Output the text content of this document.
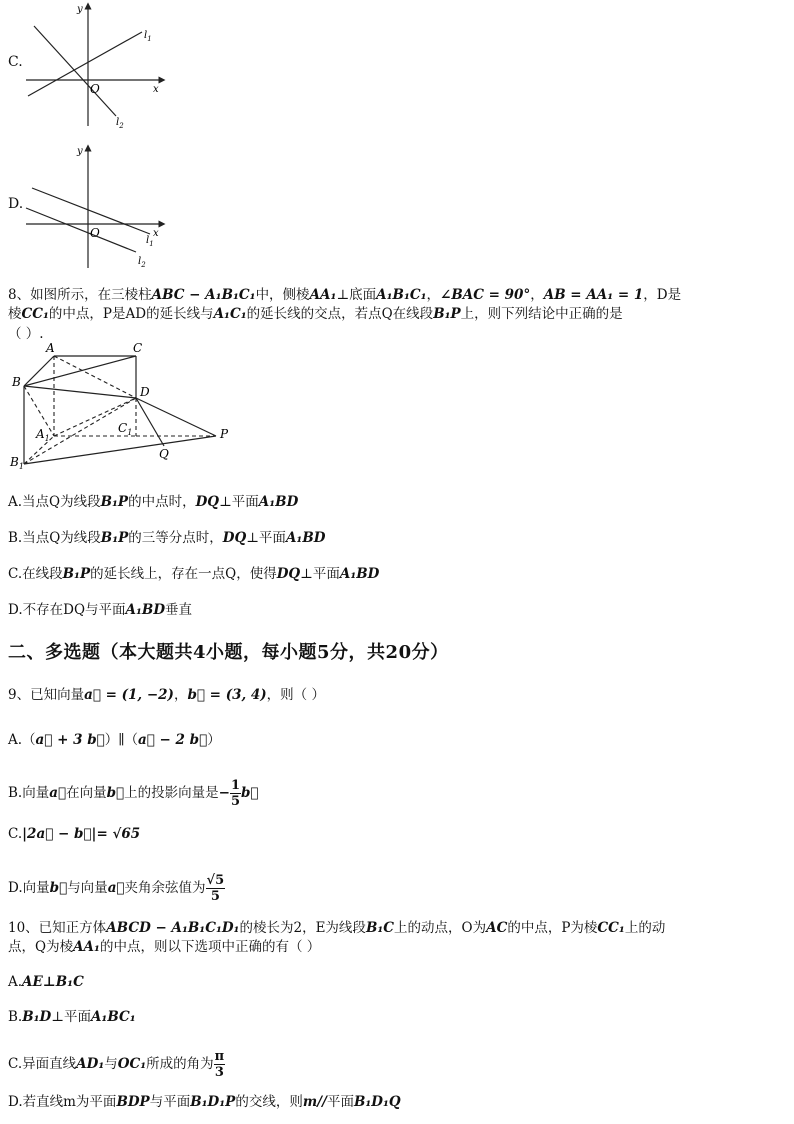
C.
y
x
O
$l_1$
$l_2$
D.
y
x
O
$l_1$
$l_2$
8、如图所示，在三棱柱ABC − A₁B₁C₁中，侧棱AA₁⊥底面A₁B₁C₁，∠BAC = 90°，AB = AA₁ = 1，D是
棱CC₁的中点，P是AD的延长线与A₁C₁的延长线的交点，若点Q在线段B₁P上，则下列结论中正确的是
（ ）.
A	C
B
D
$A_1$
$C_1$	P
$B_1$
Q
A.当点Q为线段B₁P的中点时，DQ⊥平面A₁BD
B.当点Q为线段B₁P的三等分点时，DQ⊥平面A₁BD
C.在线段B₁P的延长线上，存在一点Q，使得DQ⊥平面A₁BD
D.不存在DQ与平面A₁BD垂直
二、多选题（本大题共4小题，每小题5分，共20分）
9、已知向量a⃗ = (1, −2)，b⃗ = (3, 4)，则（ ）
A.（a⃗ + 3 b⃗）∥（a⃗ − 2 b⃗）
B.向量a⃗在向量b⃗上的投影向量是− $\frac{1}{5}$ b⃗
C.|2a⃗ − b⃗|= √65
D.向量b⃗与向量a⃗夹角余弦值为 $\frac{√5}{5}$
10、已知正方体ABCD − A₁B₁C₁D₁的棱长为2，E为线段B₁C上的动点，O为AC的中点，P为棱CC₁上的动
点，Q为棱AA₁的中点，则以下选项中正确的有（ ）
A.AE⊥B₁C
B.B₁D⊥平面A₁BC₁
C.异面直线AD₁与OC₁所成的角为 $\frac{\pi}{3}$
D.若直线m为平面BDP与平面B₁D₁P的交线，则m//平面B₁D₁Q
